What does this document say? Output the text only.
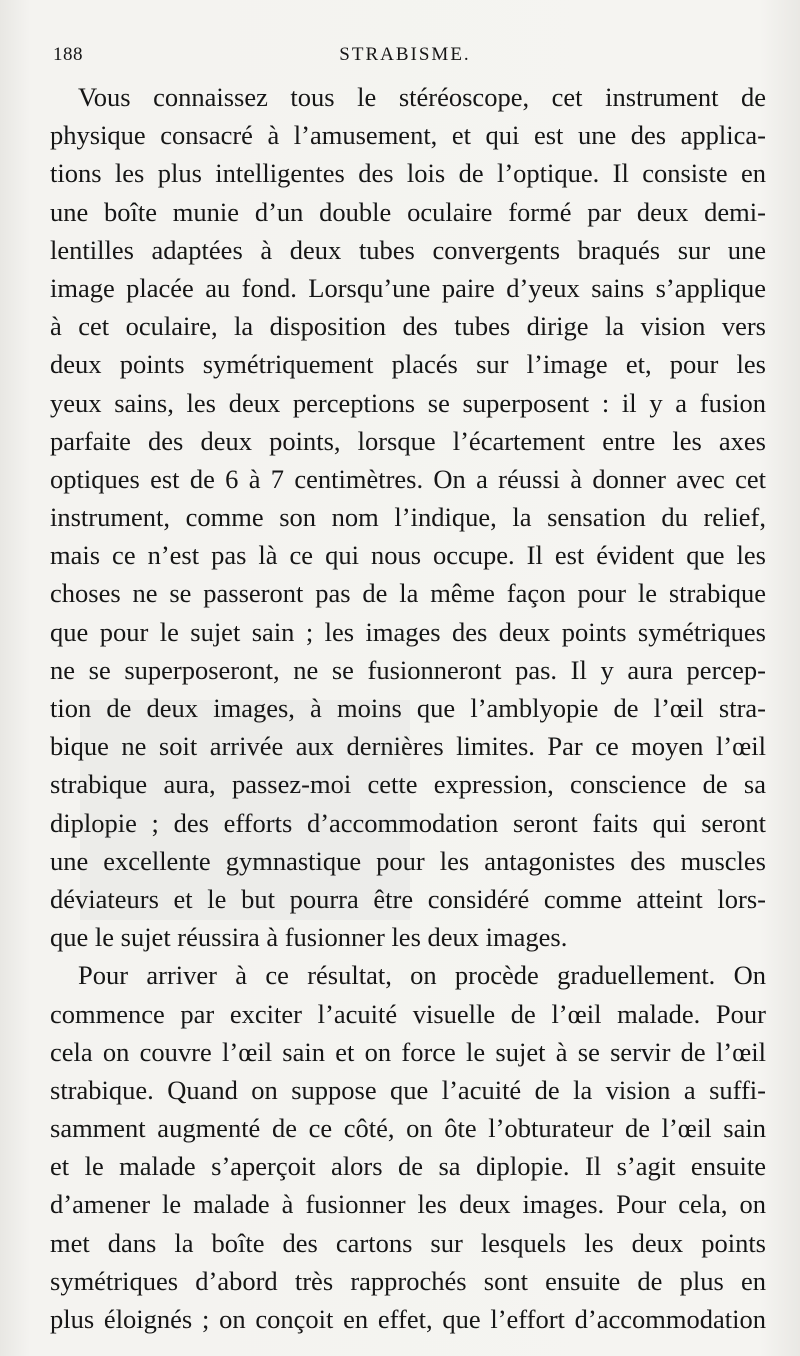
188	STRABISME.
Vous connaissez tous le stéréoscope, cet instrument de
physique consacré à l’amusement, et qui est une des applica-
tions les plus intelligentes des lois de l’optique. Il consiste en
une boîte munie d’un double oculaire formé par deux demi-
lentilles adaptées à deux tubes convergents braqués sur une
image placée au fond. Lorsqu’une paire d’yeux sains s’applique
à cet oculaire, la disposition des tubes dirige la vision vers
deux points symétriquement placés sur l’image et, pour les
yeux sains, les deux perceptions se superposent : il y a fusion
parfaite des deux points, lorsque l’écartement entre les axes
optiques est de 6 à 7 centimètres. On a réussi à donner avec cet
instrument, comme son nom l’indique, la sensation du relief,
mais ce n’est pas là ce qui nous occupe. Il est évident que les
choses ne se passeront pas de la même façon pour le strabique
que pour le sujet sain ; les images des deux points symétriques
ne se superposeront, ne se fusionneront pas. Il y aura percep-
tion de deux images, à moins que l’amblyopie de l’œil stra-
bique ne soit arrivée aux dernières limites. Par ce moyen l’œil
strabique aura, passez-moi cette expression, conscience de sa
diplopie ; des efforts d’accommodation seront faits qui seront
une excellente gymnastique pour les antagonistes des muscles
déviateurs et le but pourra être considéré comme atteint lors-
que le sujet réussira à fusionner les deux images.
Pour arriver à ce résultat, on procède graduellement. On
commence par exciter l’acuité visuelle de l’œil malade. Pour
cela on couvre l’œil sain et on force le sujet à se servir de l’œil
strabique. Quand on suppose que l’acuité de la vision a suffi-
samment augmenté de ce côté, on ôte l’obturateur de l’œil sain
et le malade s’aperçoit alors de sa diplopie. Il s’agit ensuite
d’amener le malade à fusionner les deux images. Pour cela, on
met dans la boîte des cartons sur lesquels les deux points
symétriques d’abord très rapprochés sont ensuite de plus en
plus éloignés ; on conçoit en effet, que l’effort d’accommodation
